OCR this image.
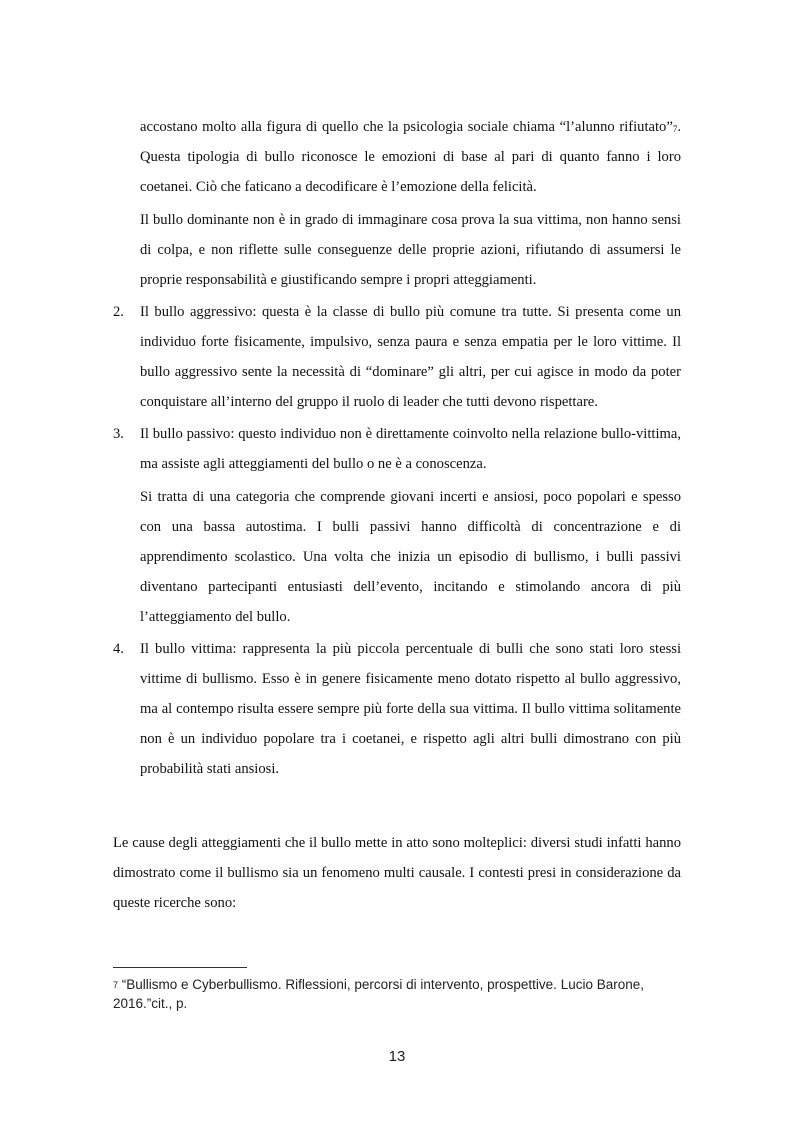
accostano molto alla figura di quello che la psicologia sociale chiama “l’alunno rifiutato”$^7$. Questa tipologia di bullo riconosce le emozioni di base al pari di quanto fanno i loro coetanei. Ciò che faticano a decodificare è l’emozione della felicità.

Il bullo dominante non è in grado di immaginare cosa prova la sua vittima, non hanno sensi di colpa, e non riflette sulle conseguenze delle proprie azioni, rifiutando di assumersi le proprie responsabilità e giustificando sempre i propri atteggiamenti.

2. Il bullo aggressivo: questa è la classe di bullo più comune tra tutte. Si presenta come un individuo forte fisicamente, impulsivo, senza paura e senza empatia per le loro vittime. Il bullo aggressivo sente la necessità di “dominare” gli altri, per cui agisce in modo da poter conquistare all’interno del gruppo il ruolo di leader che tutti devono rispettare.

3. Il bullo passivo: questo individuo non è direttamente coinvolto nella relazione bullo-vittima, ma assiste agli atteggiamenti del bullo o ne è a conoscenza.

Si tratta di una categoria che comprende giovani incerti e ansiosi, poco popolari e spesso con una bassa autostima. I bulli passivi hanno difficoltà di concentrazione e di apprendimento scolastico. Una volta che inizia un episodio di bullismo, i bulli passivi diventano partecipanti entusiasti dell’evento, incitando e stimolando ancora di più l’atteggiamento del bullo.

4. Il bullo vittima: rappresenta la più piccola percentuale di bulli che sono stati loro stessi vittime di bullismo. Esso è in genere fisicamente meno dotato rispetto al bullo aggressivo, ma al contempo risulta essere sempre più forte della sua vittima. Il bullo vittima solitamente non è un individuo popolare tra i coetanei, e rispetto agli altri bulli dimostrano con più probabilità stati ansiosi.

Le cause degli atteggiamenti che il bullo mette in atto sono molteplici: diversi studi infatti hanno dimostrato come il bullismo sia un fenomeno multi causale. I contesti presi in considerazione da queste ricerche sono:

$^7$ “Bullismo e Cyberbullismo. Riflessioni, percorsi di intervento, prospettive. Lucio Barone, 2016.”cit., p.
13
